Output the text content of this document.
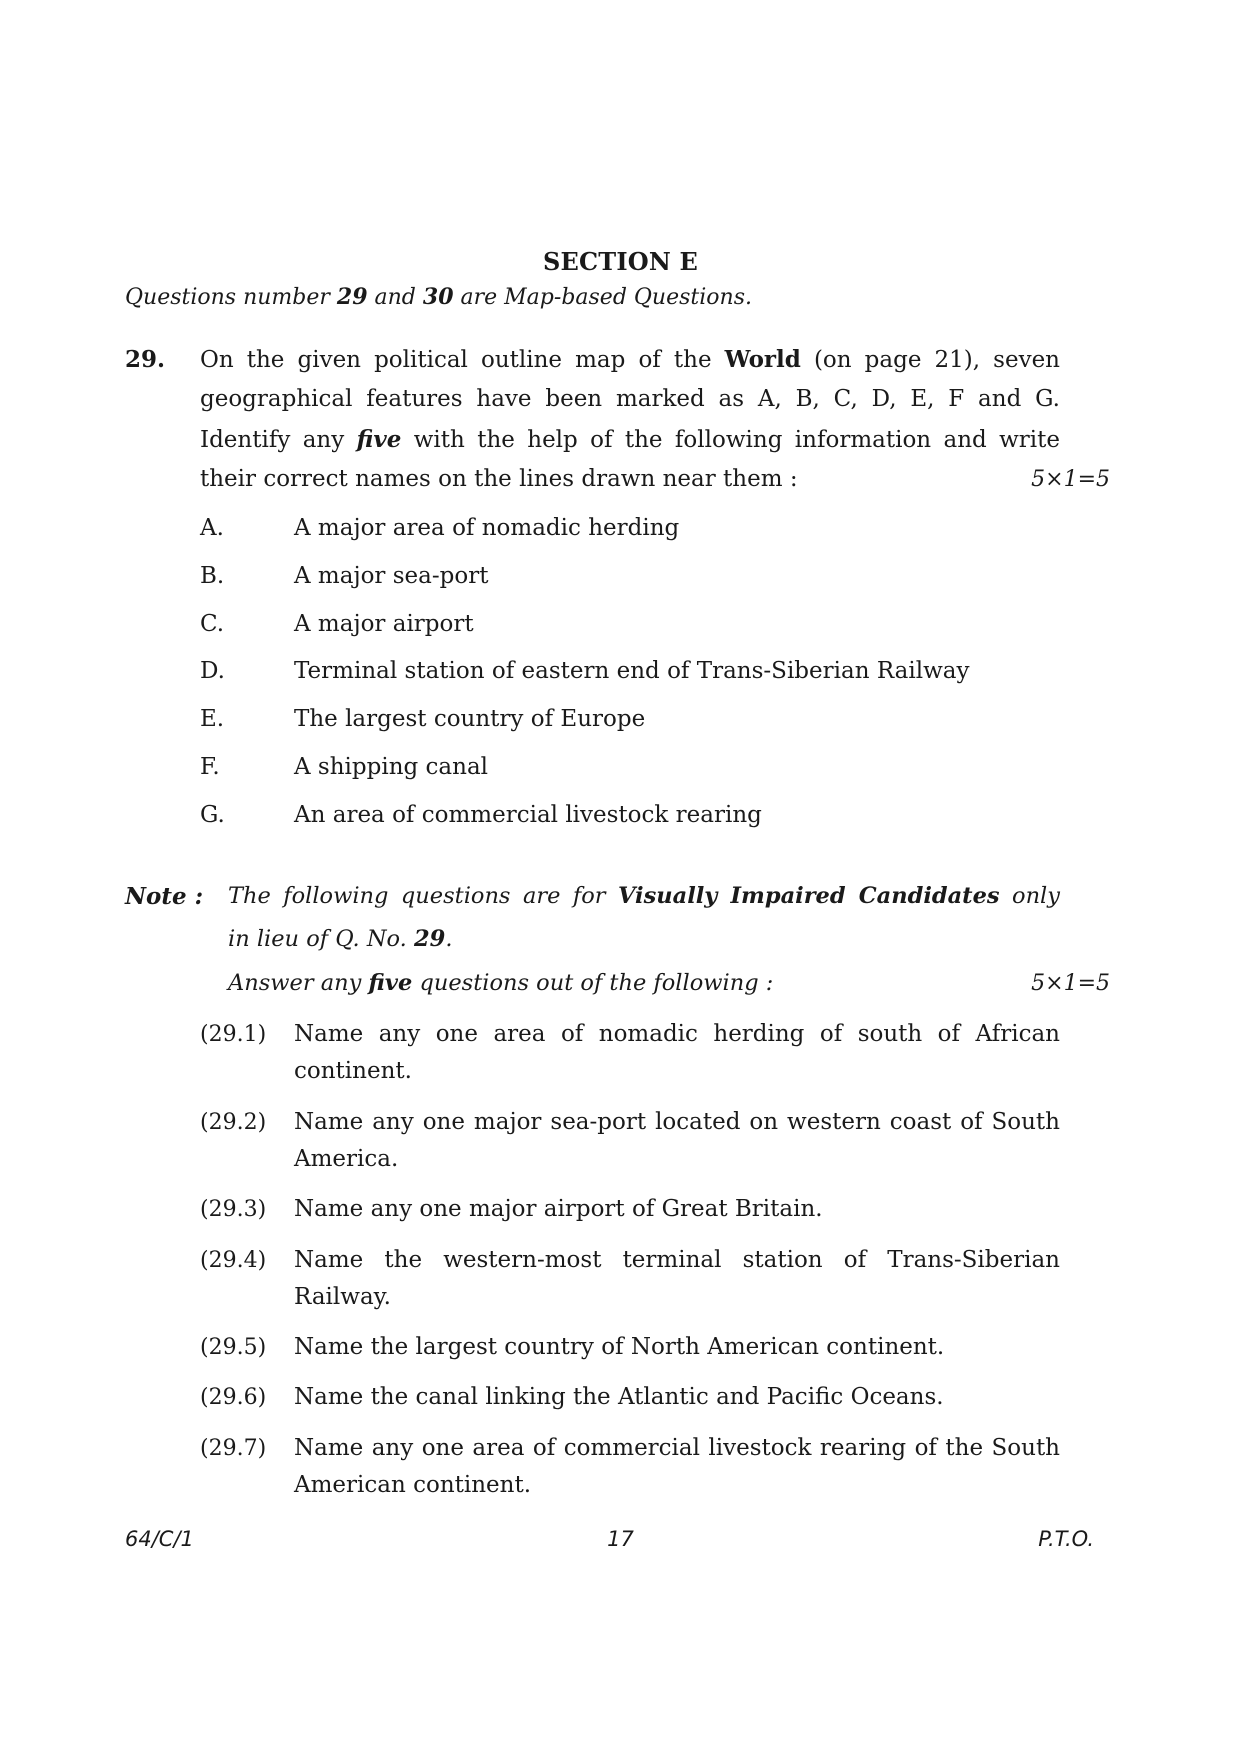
SECTION E
Questions number 29 and 30 are Map-based Questions.
29. On the given political outline map of the World (on page 21), seven
geographical features have been marked as A, B, C, D, E, F and G.
Identify any five with the help of the following information and write
their correct names on the lines drawn near them :	5×1=5
A.	A major area of nomadic herding
B.	A major sea-port
C.	A major airport
D.	Terminal station of eastern end of Trans-Siberian Railway
E.	The largest country of Europe
F.	A shipping canal
G.	An area of commercial livestock rearing
Note : The following questions are for Visually Impaired Candidates only
in lieu of Q. No. 29.
Answer any five questions out of the following :	5×1=5
(29.1) Name any one area of nomadic herding of south of African
continent.
(29.2) Name any one major sea-port located on western coast of South
America.
(29.3) Name any one major airport of Great Britain.
(29.4) Name the western-most terminal station of Trans-Siberian
Railway.
(29.5) Name the largest country of North American continent.
(29.6) Name the canal linking the Atlantic and Pacific Oceans.
(29.7) Name any one area of commercial livestock rearing of the South
American continent.
64/C/1	17	P.T.O.
